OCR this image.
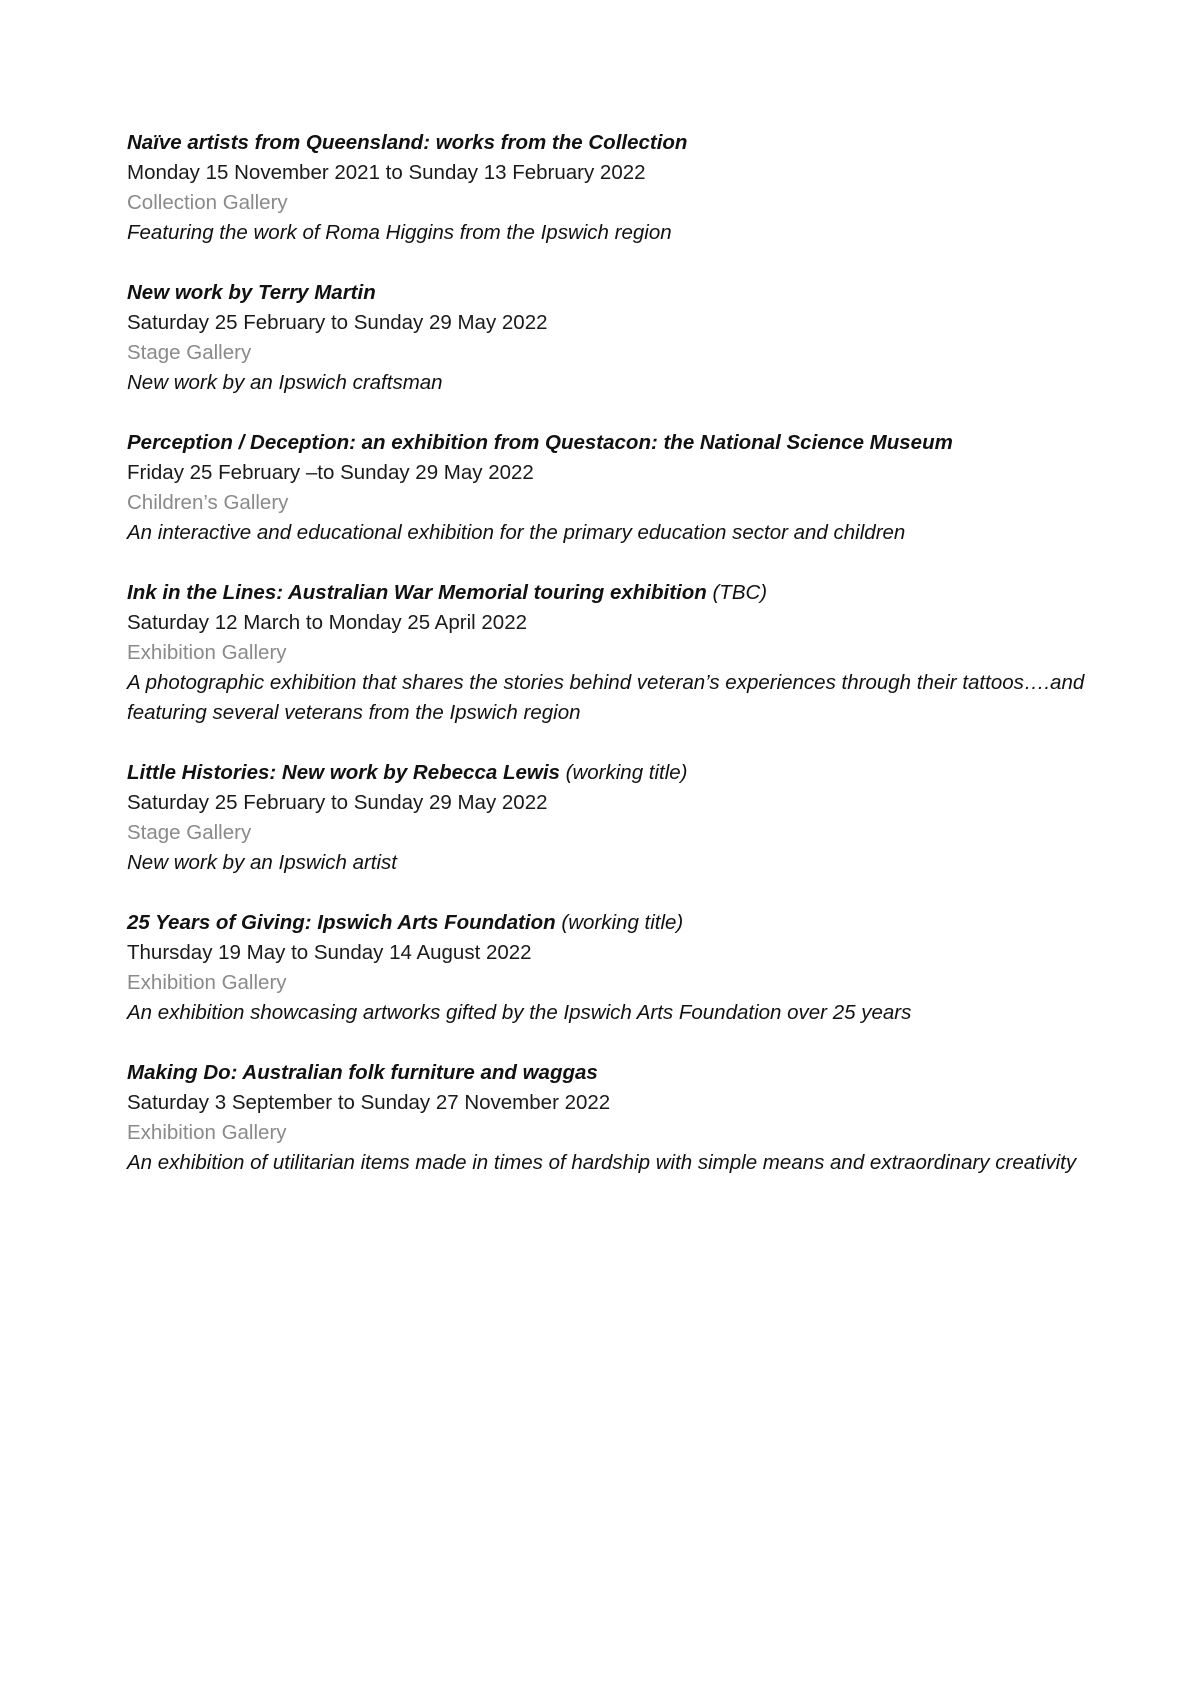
Naïve artists from Queensland: works from the Collection
Monday 15 November 2021 to Sunday 13 February 2022
Collection Gallery
Featuring the work of Roma Higgins from the Ipswich region
New work by Terry Martin
Saturday 25 February to Sunday 29 May 2022
Stage Gallery
New work by an Ipswich craftsman
Perception / Deception: an exhibition from Questacon: the National Science Museum
Friday 25 February –to Sunday 29 May 2022
Children’s Gallery
An interactive and educational exhibition for the primary education sector and children
Ink in the Lines: Australian War Memorial touring exhibition (TBC)
Saturday 12 March to Monday 25 April 2022
Exhibition Gallery
A photographic exhibition that shares the stories behind veteran’s experiences through their tattoos….and featuring several veterans from the Ipswich region
Little Histories: New work by Rebecca Lewis (working title)
Saturday 25 February to Sunday 29 May 2022
Stage Gallery
New work by an Ipswich artist
25 Years of Giving: Ipswich Arts Foundation (working title)
Thursday 19 May to Sunday 14 August 2022
Exhibition Gallery
An exhibition showcasing artworks gifted by the Ipswich Arts Foundation over 25 years
Making Do: Australian folk furniture and waggas
Saturday 3 September to Sunday 27 November 2022
Exhibition Gallery
An exhibition of utilitarian items made in times of hardship with simple means and extraordinary creativity
